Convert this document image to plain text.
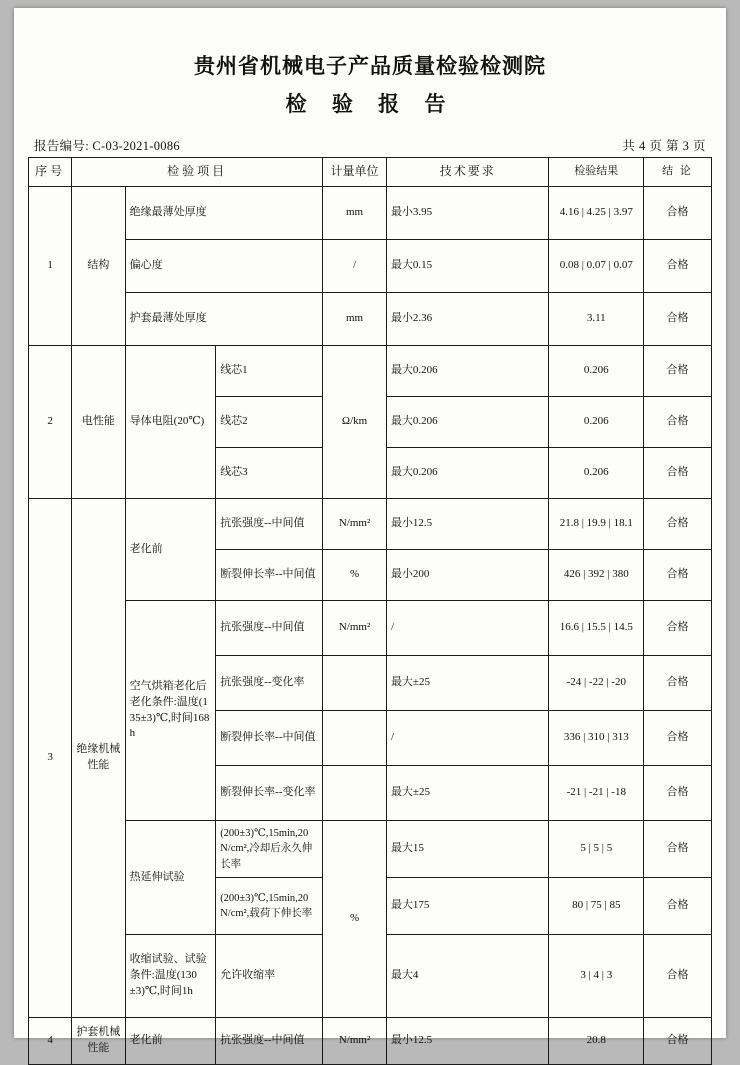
贵州省机械电子产品质量检验检测院
检 验 报 告
报告编号: C-03-2021-0086	共 4 页 第 3 页
序号	检验项目			计量单位	技术要求	检验结果	结 论
1	结构	绝缘最薄处厚度		mm	最小3.95	4.16 | 4.25 | 3.97	合格
		偏心度		/	最大0.15	0.08 | 0.07 | 0.07	合格
		护套最薄处厚度		mm	最小2.36	3.11	合格
2	电性能	导体电阻(20℃)	线芯1	Ω/km	最大0.206	0.206	合格
			线芯2		最大0.206	0.206	合格
			线芯3		最大0.206	0.206	合格
3	绝缘机械性能	老化前	抗张强度--中间值	N/mm²	最小12.5	21.8 | 19.9 | 18.1	合格
			断裂伸长率--中间值	%	最小200	426 | 392 | 380	合格
		空气烘箱老化后老化条件:温度(135±3)℃,时间168h	抗张强度--中间值	N/mm²	/	16.6 | 15.5 | 14.5	合格
			抗张强度--变化率		最大±25	-24 | -22 | -20	合格
			断裂伸长率--中间值		/	336 | 310 | 313	合格
			断裂伸长率--变化率		最大±25	-21 | -21 | -18	合格
		热延伸试验	(200±3)℃,15min,20N/cm²,冷却后永久伸长率	%	最大15	5 | 5 | 5	合格
			(200±3)℃,15min,20N/cm²,载荷下伸长率		最大175	80 | 75 | 85	合格
		收缩试验、试验条件:温度(130±3)℃,时间1h	允许收缩率		最大4	3 | 4 | 3	合格
4	护套机械性能	老化前	抗张强度--中间值	N/mm²	最小12.5	20.8	合格
